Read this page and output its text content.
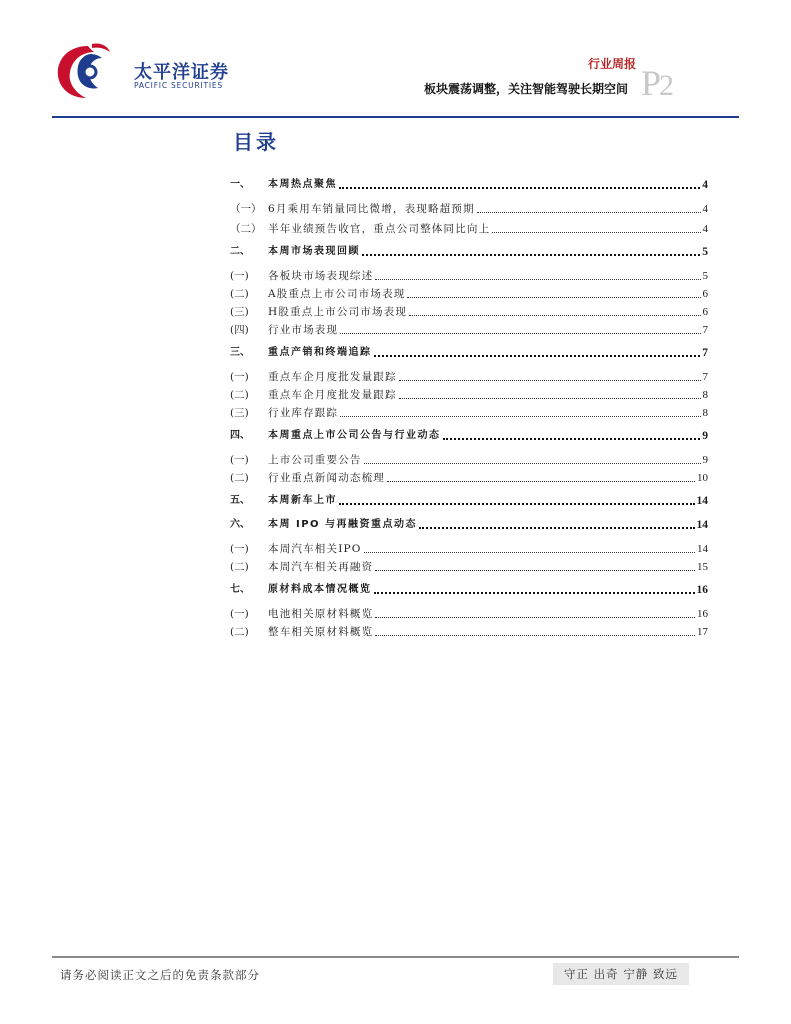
太平洋证券
PACIFIC SECURITIES
行业周报
板块震荡调整，关注智能驾驶长期空间 P2
目录
一、	本周热点聚焦	4
（一） 6月乘用车销量同比微增，表现略超预期	4
（二） 半年业绩预告收官，重点公司整体同比向上	4
二、	本周市场表现回顾	5
(一)	各板块市场表现综述	5
(二)	A股重点上市公司市场表现	6
(三)	H股重点上市公司市场表现	6
(四)	行业市场表现	7
三、	重点产销和终端追踪	7
(一)	重点车企月度批发量跟踪	7
(二)	重点车企月度批发量跟踪	8
(三)	行业库存跟踪	8
四、	本周重点上市公司公告与行业动态	9
(一)	上市公司重要公告	9
(二)	行业重点新闻动态梳理	10
五、	本周新车上市	14
六、	本周 IPO 与再融资重点动态	14
(一)	本周汽车相关IPO	14
(二)	本周汽车相关再融资	15
七、	原材料成本情况概览	16
(一)	电池相关原材料概览	16
(二)	整车相关原材料概览	17
请务必阅读正文之后的免责条款部分	守正 出奇 宁静 致远
